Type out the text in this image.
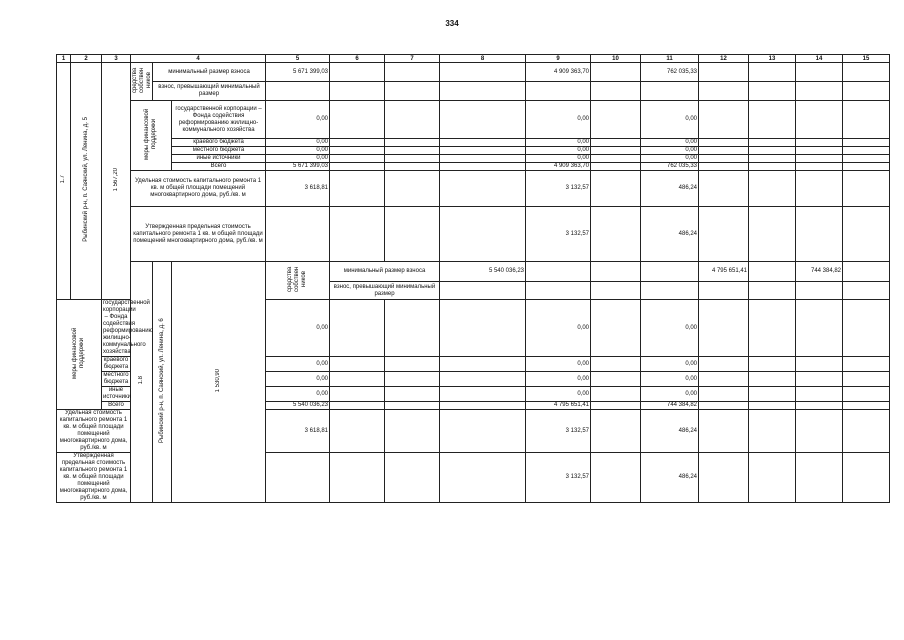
334
1	2	3	4			5	6	7	8	9	10	11	12	13	14	15	
1.7	Рыбинский р-н, п. Саянский, ул. Ленина, д. 5	1 567,20	средства собствен ников	минимальный размер взноса		5 671 399,03				4 909 363,70		762 035,33					
				взнос, превышающий минимальный размер													
			меры финансовой поддержки		государственной корпорации – Фонда содействия реформированию жилищно-коммунального хозяйства	0,00				0,00		0,00					
					краевого бюджета	0,00				0,00		0,00					
					местного бюджета	0,00				0,00		0,00					
					иные источники	0,00				0,00		0,00					
					Всего	5 671 399,03				4 909 363,70		762 035,33					
			Удельная стоимость капитального ремонта 1 кв. м общей площади помещений многоквартирного дома, руб./кв. м			3 618,81				3 132,57		486,24					
			Утвержденная предельная стоимость капитального ремонта 1 кв. м общей площади помещений многоквартирного дома, руб./кв. м							3 132,57		486,24					
			1.8	Рыбинский р-н, п. Саянский, ул. Ленина, д. 6	1 530,90	средства собствен ников	минимальный размер взноса		5 540 036,23				4 795 651,41		744 384,82				
							взнос, превышающий минимальный размер											
меры финансовой поддержки		государственной корпорации – Фонда содействия реформированию жилищно-коммунального хозяйства				0,00				0,00		0,00					
		краевого бюджета				0,00				0,00		0,00					
		местного бюджета				0,00				0,00		0,00					
		иные источники				0,00				0,00		0,00					
		Всего				5 540 036,23				4 795 651,41		744 384,82					
Удельная стоимость капитального ремонта 1 кв. м общей площади помещений многоквартирного дома, руб./кв. м						3 618,81				3 132,57		486,24					
Утвержденная предельная стоимость капитального ремонта 1 кв. м общей площади помещений многоквартирного дома, руб./кв. м										3 132,57		486,24					
